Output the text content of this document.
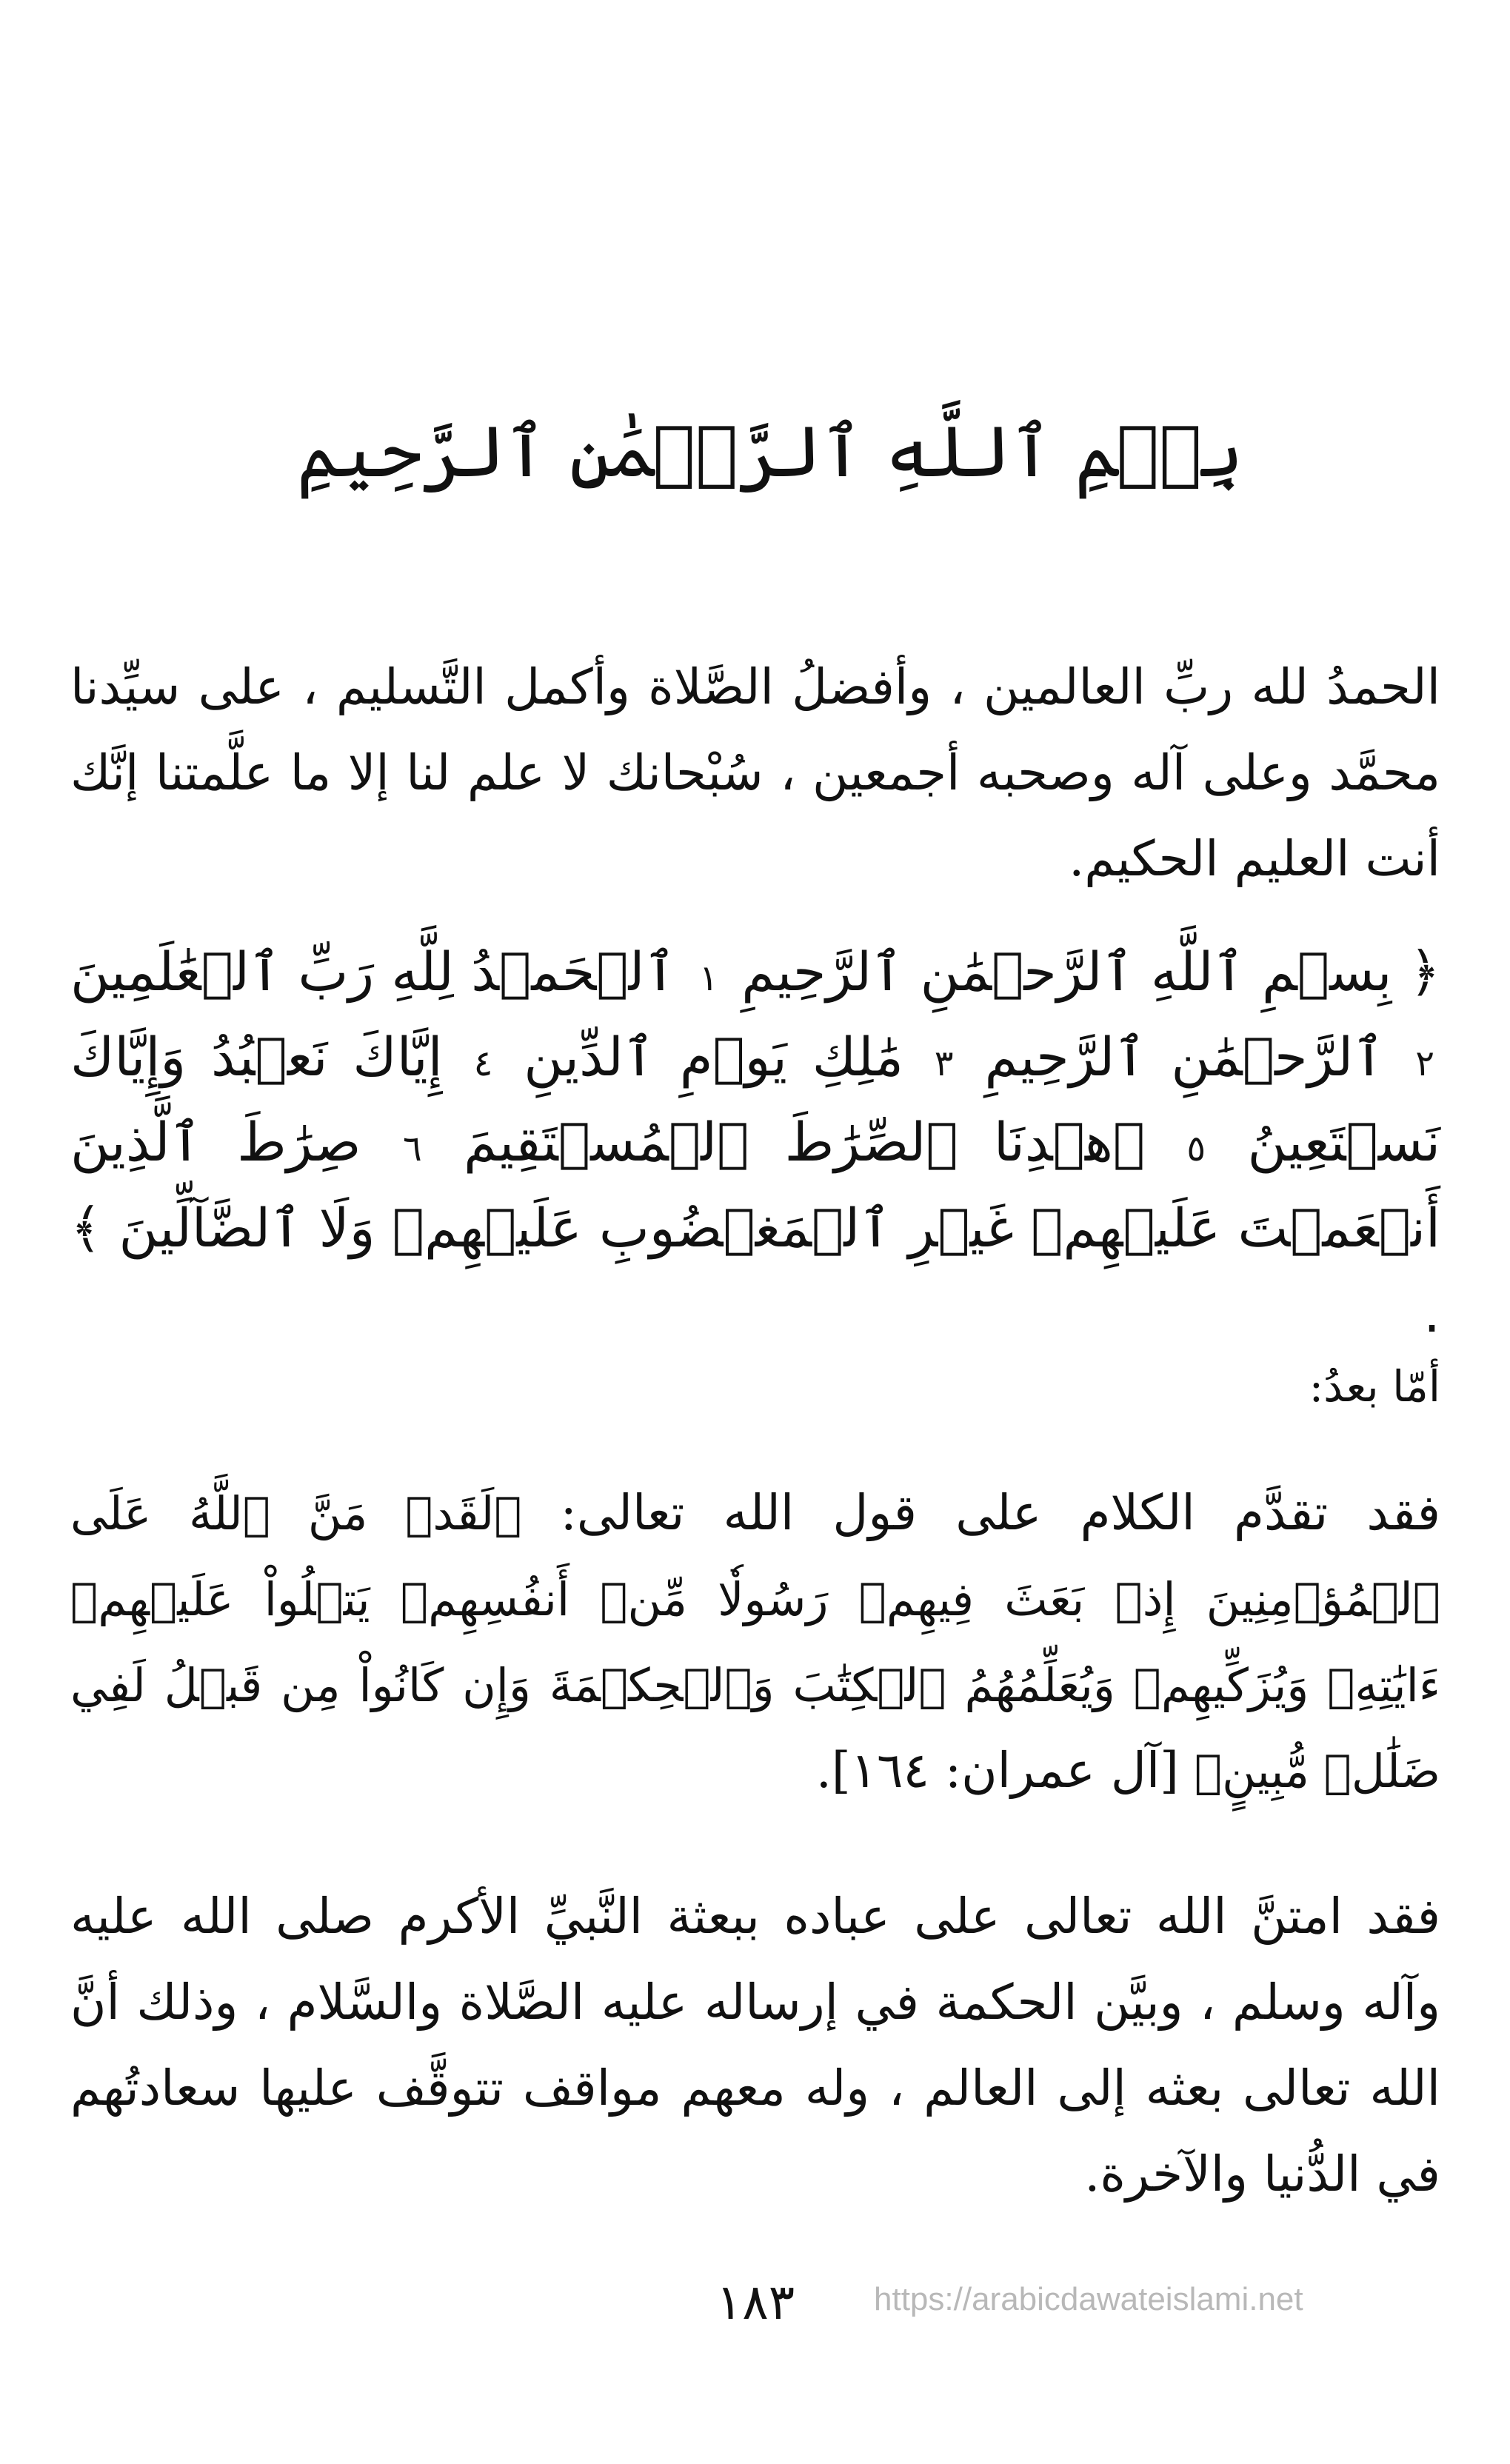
بِسۡمِ ٱللَّهِ ٱلرَّحۡمَٰنِ ٱلرَّحِيمِ

الحمدُ لله ربِّ العالمين ، وأفضلُ الصَّلاة وأكمل التَّسليم ، على سيِّدنا محمَّد وعلى آله وصحبه أجمعين ، سُبْحانك لا علم لنا إلا ما علَّمتنا إنَّك أنت العليم الحكيم.

﴿ بِسۡمِ ٱللَّهِ ٱلرَّحۡمَٰنِ ٱلرَّحِيمِ ١ ٱلۡحَمۡدُ لِلَّهِ رَبِّ ٱلۡعَٰلَمِينَ ٢ ٱلرَّحۡمَٰنِ ٱلرَّحِيمِ ٣ مَٰلِكِ يَوۡمِ ٱلدِّينِ ٤ إِيَّاكَ نَعۡبُدُ وَإِيَّاكَ نَسۡتَعِينُ ٥ ٱهۡدِنَا ٱلصِّرَٰطَ ٱلۡمُسۡتَقِيمَ ٦ صِرَٰطَ ٱلَّذِينَ أَنۡعَمۡتَ عَلَيۡهِمۡ غَيۡرِ ٱلۡمَغۡضُوبِ عَلَيۡهِمۡ وَلَا ٱلضَّآلِّينَ ﴾ .

أمّا بعدُ:

فقد تقدَّم الكلام على قول الله تعالى: ﴿لَقَدۡ مَنَّ ٱللَّهُ عَلَى ٱلۡمُؤۡمِنِينَ إِذۡ بَعَثَ فِيهِمۡ رَسُولٗا مِّنۡ أَنفُسِهِمۡ يَتۡلُواْ عَلَيۡهِمۡ ءَايَٰتِهِۦ وَيُزَكِّيهِمۡ وَيُعَلِّمُهُمُ ٱلۡكِتَٰبَ وَٱلۡحِكۡمَةَ وَإِن كَانُواْ مِن قَبۡلُ لَفِي ضَلَٰلٖ مُّبِينٍ﴾ [آل عمران: ١٦٤].

فقد امتنَّ الله تعالى على عباده ببعثة النَّبيِّ الأكرم صلى الله عليه وآله وسلم ، وبيَّن الحكمة في إرساله عليه الصَّلاة والسَّلام ، وذلك أنَّ الله تعالى بعثه إلى العالم ، وله معهم مواقف تتوقَّف عليها سعادتُهم في الدُّنيا والآخرة.

١٨٣	https://arabicdawateislami.net
